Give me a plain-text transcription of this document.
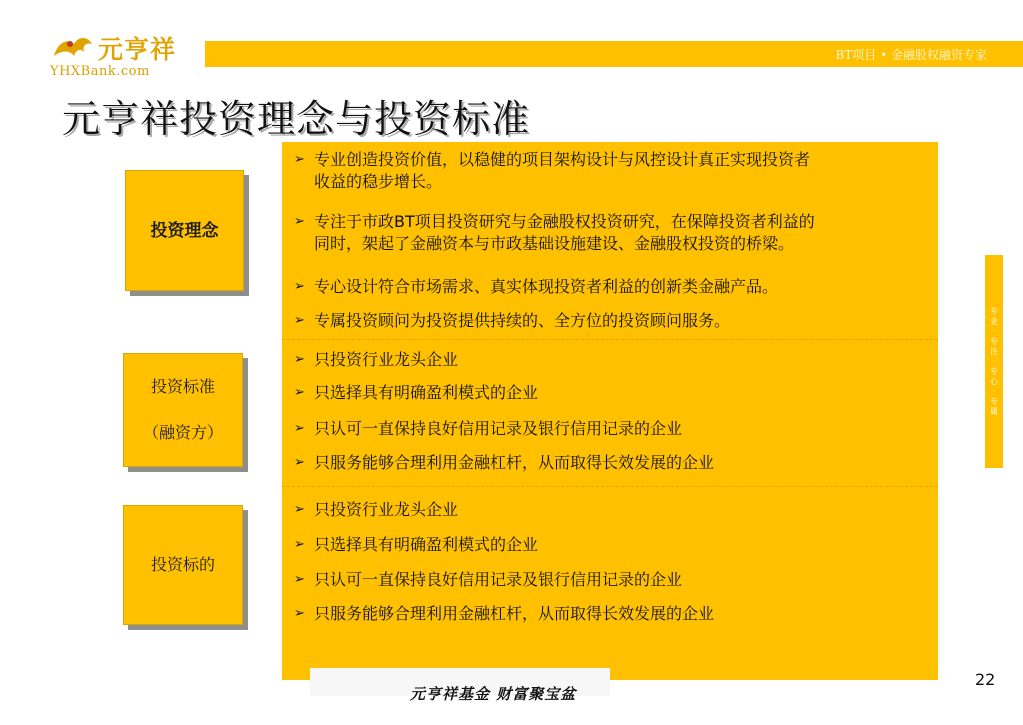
元亨祥
YHXBank.com
BT项目 • 金融股权融资专家
元亨祥投资理念与投资标准
投资理念
投资标准
（融资方）
投资标的
➢ 专业创造投资价值，以稳健的项目架构设计与风控设计真正实现投资者
收益的稳步增长。
➢ 专注于市政BT项目投资研究与金融股权投资研究，在保障投资者利益的
同时，架起了金融资本与市政基础设施建设、金融股权投资的桥梁。
➢ 专心设计符合市场需求、真实体现投资者利益的创新类金融产品。
➢ 专属投资顾问为投资提供持续的、全方位的投资顾问服务。
➢ 只投资行业龙头企业
➢ 只选择具有明确盈利模式的企业
➢ 只认可一直保持良好信用记录及银行信用记录的企业
➢ 只服务能够合理利用金融杠杆，从而取得长效发展的企业
➢ 只投资行业龙头企业
➢ 只选择具有明确盈利模式的企业
➢ 只认可一直保持良好信用记录及银行信用记录的企业
➢ 只服务能够合理利用金融杠杆，从而取得长效发展的企业
专
业
·
专
注
·
专
心
·
专
属
元亨祥基金 财富聚宝盆
22
